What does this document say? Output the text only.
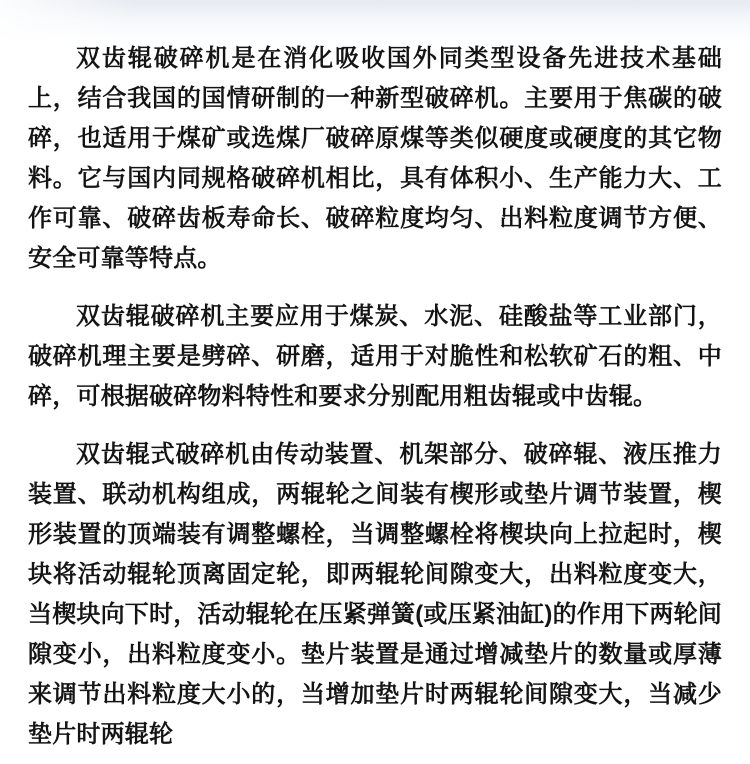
双齿辊破碎机是在消化吸收国外同类型设备先进技术基础上，结合我国的国情研制的一种新型破碎机。主要用于焦碳的破碎，也适用于煤矿或选煤厂破碎原煤等类似硬度或硬度的其它物料。它与国内同规格破碎机相比，具有体积小、生产能力大、工作可靠、破碎齿板寿命长、破碎粒度均匀、出料粒度调节方便、安全可靠等特点。

双齿辊破碎机主要应用于煤炭、水泥、硅酸盐等工业部门，破碎机理主要是劈碎、研磨，适用于对脆性和松软矿石的粗、中碎，可根据破碎物料特性和要求分别配用粗齿辊或中齿辊。

双齿辊式破碎机由传动装置、机架部分、破碎辊、液压推力装置、联动机构组成，两辊轮之间装有楔形或垫片调节装置，楔形装置的顶端装有调整螺栓，当调整螺栓将楔块向上拉起时，楔块将活动辊轮顶离固定轮，即两辊轮间隙变大，出料粒度变大，当楔块向下时，活动辊轮在压紧弹簧(或压紧油缸)的作用下两轮间隙变小，出料粒度变小。垫片装置是通过增减垫片的数量或厚薄来调节出料粒度大小的，当增加垫片时两辊轮间隙变大，当减少垫片时两辊轮
